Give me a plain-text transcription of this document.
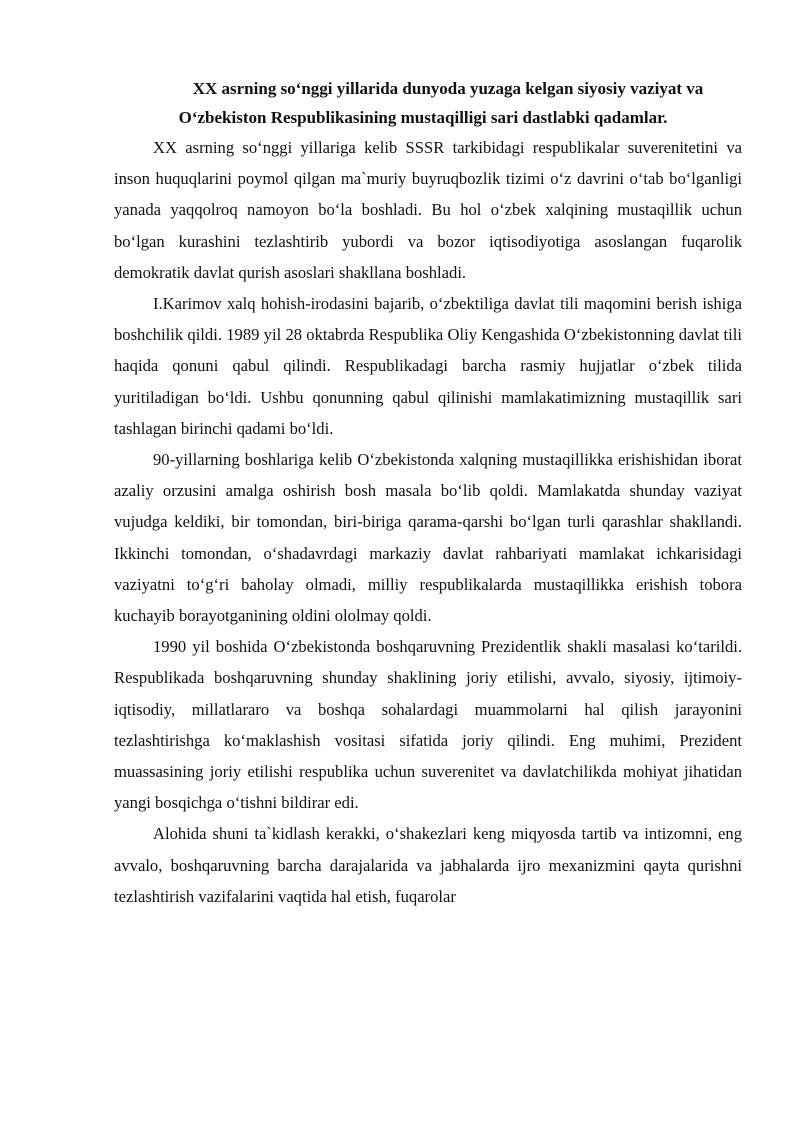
XX asrning so‘nggi yillarida dunyoda yuzaga kelgan siyosiy vaziyat va
O‘zbekiston Respublikasining mustaqilligi sari dastlabki qadamlar.

XX asrning so‘nggi yillariga kelib SSSR tarkibidagi respublikalar suverenitetini va inson huquqlarini poymol qilgan ma`muriy buyruqbozlik tizimi o‘z davrini o‘tab bo‘lganligi yanada yaqqolroq namoyon bo‘la boshladi. Bu hol o‘zbek xalqining mustaqillik uchun bo‘lgan kurashini tezlashtirib yubordi va bozor iqtisodiyotiga asoslangan fuqarolik demokratik davlat qurish asoslari shakllana boshladi.

I.Karimov xalq hohish-irodasini bajarib, o‘zbektiliga davlat tili maqomini berish ishiga boshchilik qildi. 1989 yil 28 oktabrda Respublika Oliy Kengashida O‘zbekistonning davlat tili haqida qonuni qabul qilindi. Respublikadagi barcha rasmiy hujjatlar o‘zbek tilida yuritiladigan bo‘ldi. Ushbu qonunning qabul qilinishi mamlakatimizning mustaqillik sari tashlagan birinchi qadami bo‘ldi.

90-yillarning boshlariga kelib O‘zbekistonda xalqning mustaqillikka erishishidan iborat azaliy orzusini amalga oshirish bosh masala bo‘lib qoldi. Mamlakatda shunday vaziyat vujudga keldiki, bir tomondan, biri-biriga qarama-qarshi bo‘lgan turli qarashlar shakllandi. Ikkinchi tomondan, o‘shadavrdagi markaziy davlat rahbariyati mamlakat ichkarisidagi vaziyatni to‘g‘ri baholay olmadi, milliy respublikalarda mustaqillikka erishish tobora kuchayib borayotganining oldini ololmay qoldi.

1990 yil boshida O‘zbekistonda boshqaruvning Prezidentlik shakli masalasi ko‘tarildi. Respublikada boshqaruvning shunday shaklining joriy etilishi, avvalo, siyosiy, ijtimoiy-iqtisodiy, millatlararo va boshqa sohalardagi muammolarni hal qilish jarayonini tezlashtirishga ko‘maklashish vositasi sifatida joriy qilindi. Eng muhimi, Prezident muassasining joriy etilishi respublika uchun suverenitet va davlatchilikda mohiyat jihatidan yangi bosqichga o‘tishni bildirar edi.

Alohida shuni ta`kidlash kerakki, o‘shakezlari keng miqyosda tartib va intizomni, eng avvalo, boshqaruvning barcha darajalarida va jabhalarda ijro mexanizmini qayta qurishni tezlashtirish vazifalarini vaqtida hal etish, fuqarolar
